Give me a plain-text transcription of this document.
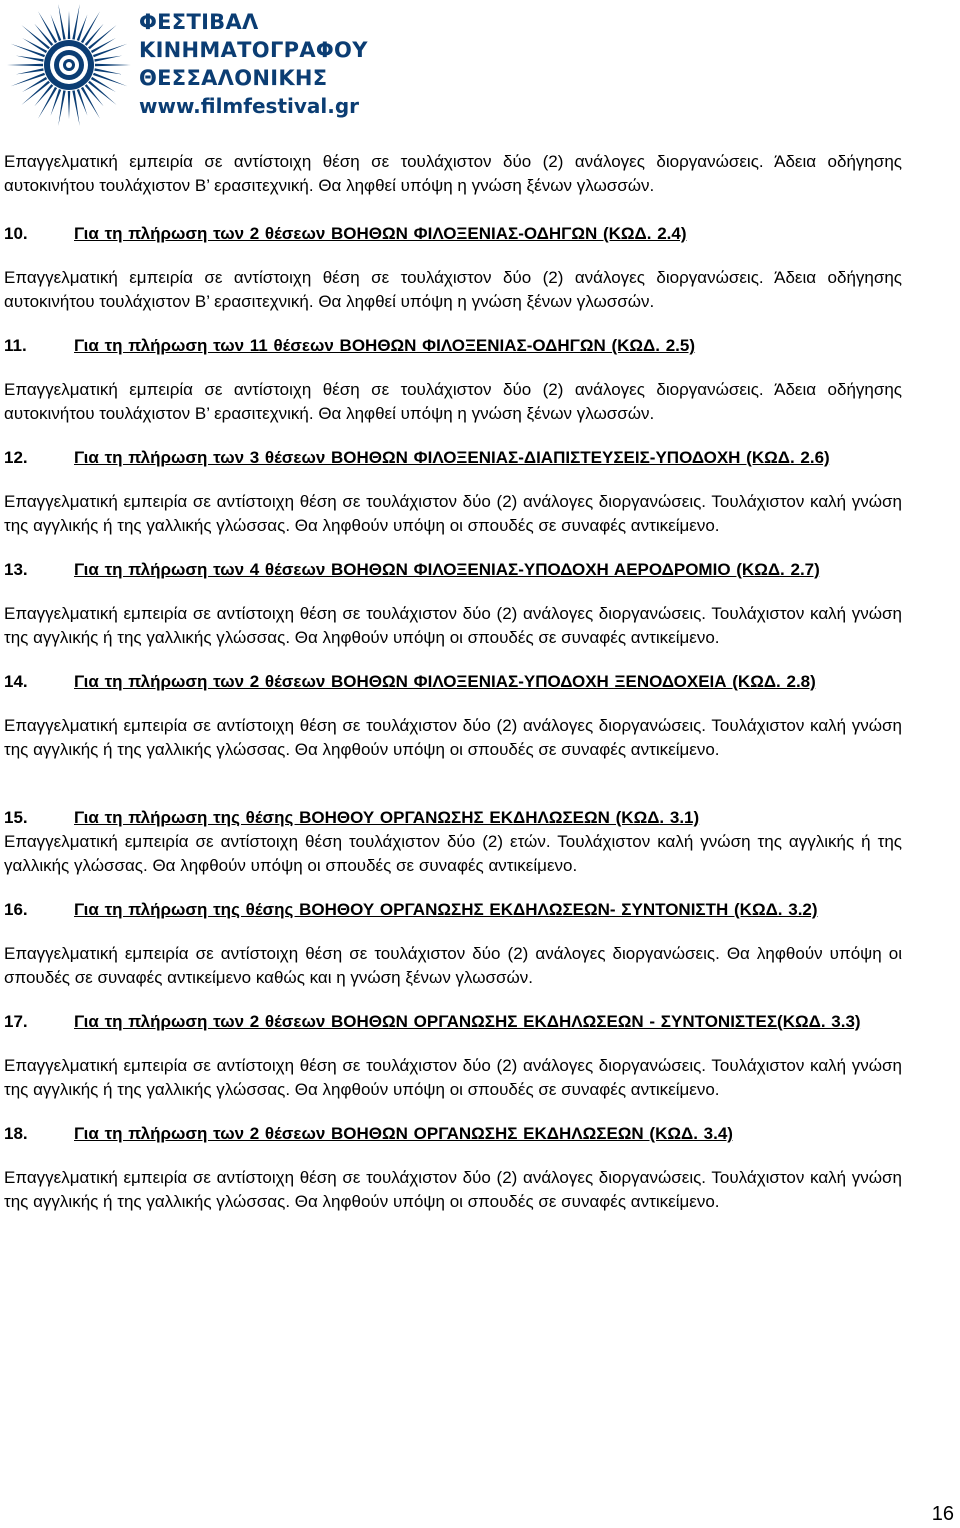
ΦΕΣΤΙΒΑΛ
ΚΙΝΗΜΑΤΟΓΡΑΦΟΥ
ΘΕΣΣΑΛΟΝΙΚΗΣ
www.filmfestival.gr

Επαγγελματική εμπειρία σε αντίστοιχη θέση σε τουλάχιστον δύο (2) ανάλογες διοργανώσεις. Άδεια οδήγησης αυτοκινήτου τουλάχιστον Β’ ερασιτεχνική. Θα ληφθεί υπόψη η γνώση ξένων γλωσσών.

10.	Για τη πλήρωση των 2 θέσεων ΒΟΗΘΩΝ ΦΙΛΟΞΕΝΙΑΣ-ΟΔΗΓΩΝ (ΚΩΔ. 2.4)

Επαγγελματική εμπειρία σε αντίστοιχη θέση σε τουλάχιστον δύο (2) ανάλογες διοργανώσεις. Άδεια οδήγησης αυτοκινήτου τουλάχιστον Β’ ερασιτεχνική. Θα ληφθεί υπόψη η γνώση ξένων γλωσσών.

11.	Για τη πλήρωση των 11 θέσεων ΒΟΗΘΩΝ ΦΙΛΟΞΕΝΙΑΣ-ΟΔΗΓΩΝ (ΚΩΔ. 2.5)

Επαγγελματική εμπειρία σε αντίστοιχη θέση σε τουλάχιστον δύο (2) ανάλογες διοργανώσεις. Άδεια οδήγησης αυτοκινήτου τουλάχιστον Β’ ερασιτεχνική. Θα ληφθεί υπόψη η γνώση ξένων γλωσσών.

12.	Για τη πλήρωση των 3 θέσεων ΒΟΗΘΩΝ ΦΙΛΟΞΕΝΙΑΣ-ΔΙΑΠΙΣΤΕΥΣΕΙΣ-ΥΠΟΔΟΧΗ (ΚΩΔ. 2.6)

Επαγγελματική εμπειρία σε αντίστοιχη θέση σε τουλάχιστον δύο (2) ανάλογες διοργανώσεις. Τουλάχιστον καλή γνώση της αγγλικής ή της γαλλικής γλώσσας. Θα ληφθούν υπόψη οι σπουδές σε συναφές αντικείμενο.

13.	Για τη πλήρωση των 4 θέσεων ΒΟΗΘΩΝ ΦΙΛΟΞΕΝΙΑΣ-ΥΠΟΔΟΧΗ ΑΕΡΟΔΡΟΜΙΟ (ΚΩΔ. 2.7)

Επαγγελματική εμπειρία σε αντίστοιχη θέση σε τουλάχιστον δύο (2) ανάλογες διοργανώσεις. Τουλάχιστον καλή γνώση της αγγλικής ή της γαλλικής γλώσσας. Θα ληφθούν υπόψη οι σπουδές σε συναφές αντικείμενο.

14.	Για τη πλήρωση των 2 θέσεων ΒΟΗΘΩΝ ΦΙΛΟΞΕΝΙΑΣ-ΥΠΟΔΟΧΗ ΞΕΝΟΔΟΧΕΙΑ (ΚΩΔ. 2.8)

Επαγγελματική εμπειρία σε αντίστοιχη θέση σε τουλάχιστον δύο (2) ανάλογες διοργανώσεις. Τουλάχιστον καλή γνώση της αγγλικής ή της γαλλικής γλώσσας. Θα ληφθούν υπόψη οι σπουδές σε συναφές αντικείμενο.

15.	Για τη πλήρωση της θέσης ΒΟΗΘΟΥ ΟΡΓΑΝΩΣΗΣ ΕΚΔΗΛΩΣΕΩΝ (ΚΩΔ. 3.1)

Επαγγελματική εμπειρία σε αντίστοιχη θέση τουλάχιστον δύο (2) ετών. Τουλάχιστον καλή γνώση της αγγλικής ή της γαλλικής γλώσσας. Θα ληφθούν υπόψη οι σπουδές σε συναφές αντικείμενο.

16.	Για τη πλήρωση της θέσης ΒΟΗΘΟΥ ΟΡΓΑΝΩΣΗΣ ΕΚΔΗΛΩΣΕΩΝ- ΣΥΝΤΟΝΙΣΤΗ (ΚΩΔ. 3.2)

Επαγγελματική εμπειρία σε αντίστοιχη θέση σε τουλάχιστον δύο (2) ανάλογες διοργανώσεις. Θα ληφθούν υπόψη οι σπουδές σε συναφές αντικείμενο καθώς και η γνώση ξένων γλωσσών.

17.	Για τη πλήρωση των 2 θέσεων ΒΟΗΘΩΝ ΟΡΓΑΝΩΣΗΣ ΕΚΔΗΛΩΣΕΩΝ - ΣΥΝΤΟΝΙΣΤΕΣ(ΚΩΔ. 3.3)

Επαγγελματική εμπειρία σε αντίστοιχη θέση σε τουλάχιστον δύο (2) ανάλογες διοργανώσεις. Τουλάχιστον καλή γνώση της αγγλικής ή της γαλλικής γλώσσας. Θα ληφθούν υπόψη οι σπουδές σε συναφές αντικείμενο.

18.	Για τη πλήρωση των 2 θέσεων ΒΟΗΘΩΝ ΟΡΓΑΝΩΣΗΣ ΕΚΔΗΛΩΣΕΩΝ (ΚΩΔ. 3.4)

Επαγγελματική εμπειρία σε αντίστοιχη θέση σε τουλάχιστον δύο (2) ανάλογες διοργανώσεις. Τουλάχιστον καλή γνώση της αγγλικής ή της γαλλικής γλώσσας. Θα ληφθούν υπόψη οι σπουδές σε συναφές αντικείμενο.

16
